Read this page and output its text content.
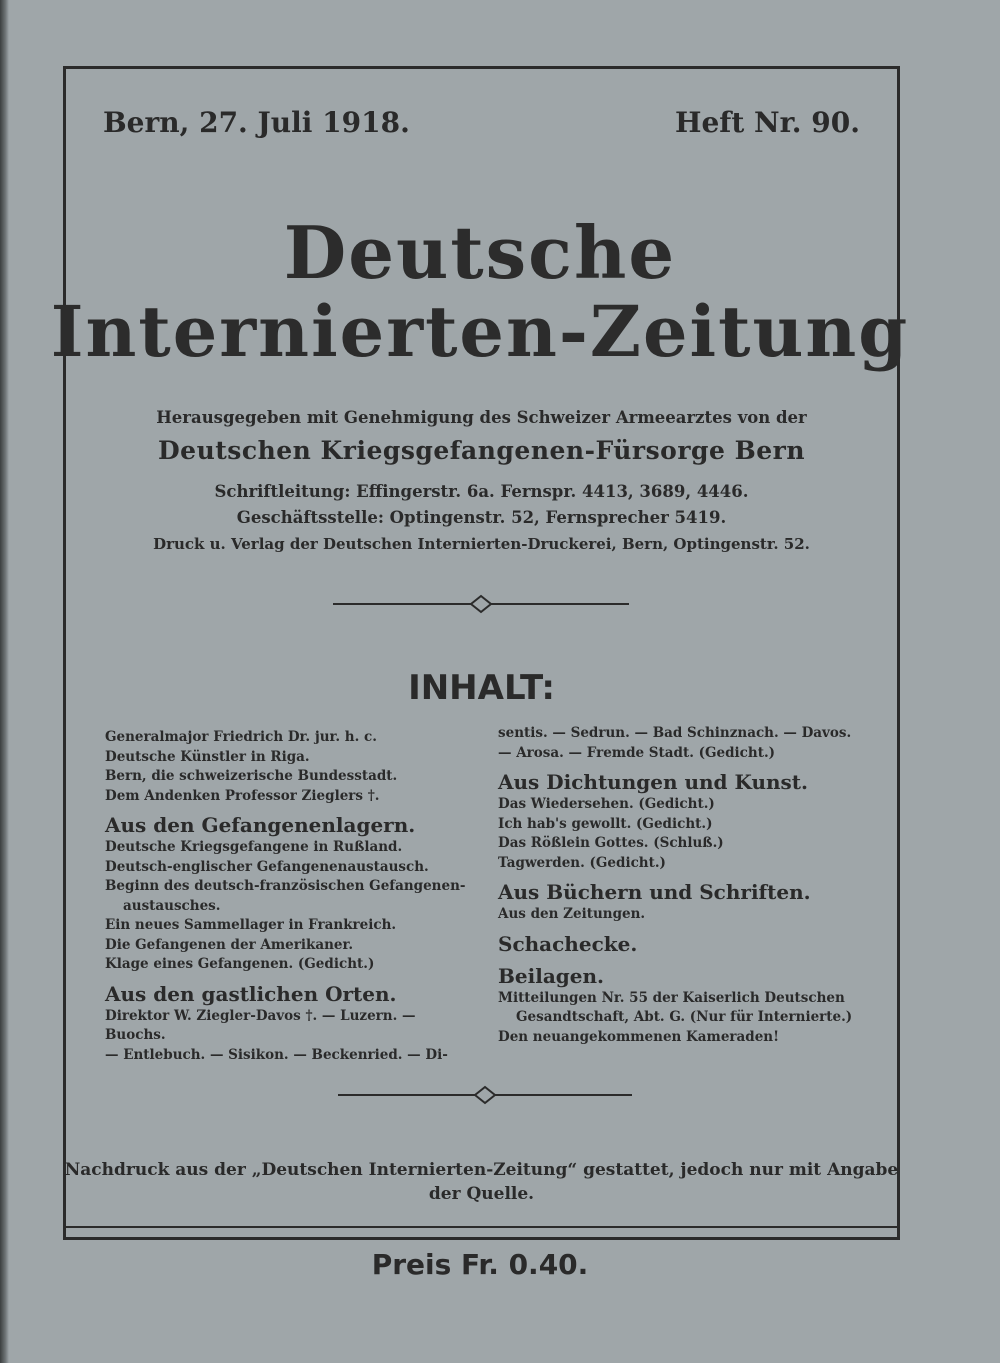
Bern, 27. Juli 1918.	Heft Nr. 90.
Deutsche
Internierten-Zeitung
Herausgegeben mit Genehmigung des Schweizer Armeearztes von der
Deutschen Kriegsgefangenen-Fürsorge Bern
Schriftleitung: Effingerstr. 6a. Fernspr. 4413, 3689, 4446.
Geschäftsstelle: Optingenstr. 52, Fernsprecher 5419.
Druck u. Verlag der Deutschen Internierten-Druckerei, Bern, Optingenstr. 52.
INHALT:
Generalmajor Friedrich Dr. jur. h. c.
Deutsche Künstler in Riga.
Bern, die schweizerische Bundesstadt.
Dem Andenken Professor Zieglers †.
Aus den Gefangenenlagern.
Deutsche Kriegsgefangene in Rußland.
Deutsch-englischer Gefangenenaustausch.
Beginn des deutsch-französischen Gefangenen-
austausches.
Ein neues Sammellager in Frankreich.
Die Gefangenen der Amerikaner.
Klage eines Gefangenen. (Gedicht.)
Aus den gastlichen Orten.
Direktor W. Ziegler-Davos †. — Luzern. — Buochs.
— Entlebuch. — Sisikon. — Beckenried. — Di-
sentis. — Sedrun. — Bad Schinznach. — Davos.
— Arosa. — Fremde Stadt. (Gedicht.)
Aus Dichtungen und Kunst.
Das Wiedersehen. (Gedicht.)
Ich hab's gewollt. (Gedicht.)
Das Rößlein Gottes. (Schluß.)
Tagwerden. (Gedicht.)
Aus Büchern und Schriften.
Aus den Zeitungen.
Schachecke.
Beilagen.
Mitteilungen Nr. 55 der Kaiserlich Deutschen
Gesandtschaft, Abt. G. (Nur für Internierte.)
Den neuangekommenen Kameraden!
Nachdruck aus der „Deutschen Internierten-Zeitung“ gestattet, jedoch nur mit Angabe der Quelle.
Preis Fr. 0.40.
